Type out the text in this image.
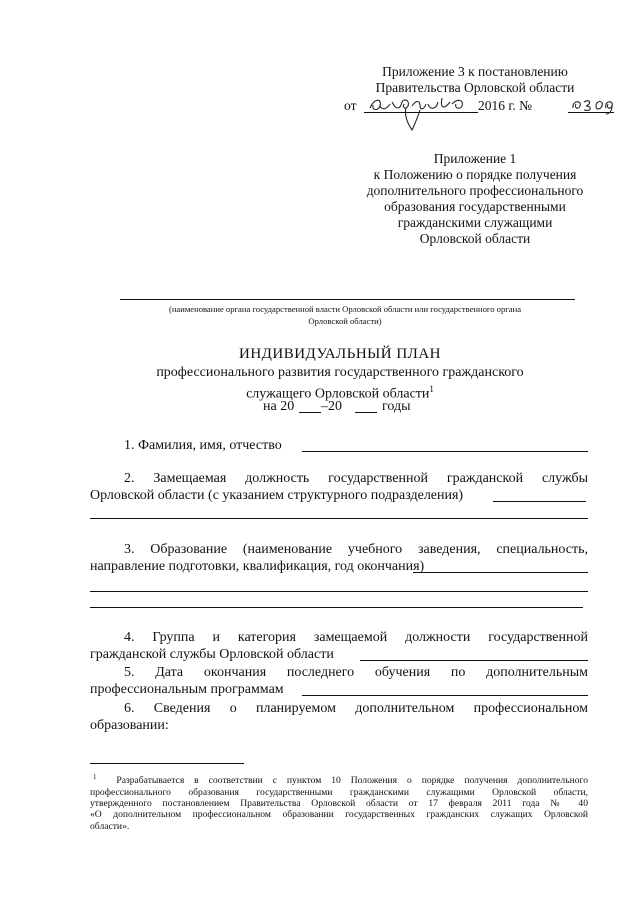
Приложение 3 к постановлению
Правительства Орловской области
от	2016 г. №
Приложение 1
к Положению о порядке получения
дополнительного профессионального
образования государственными
гражданскими служащими
Орловской области
(наименование органа государственной власти Орловской области или государственного органа
Орловской области)
ИНДИВИДУАЛЬНЫЙ ПЛАН
профессионального развития государственного гражданского
служащего Орловской области$^1$
на 20 –20	годы
1. Фамилия, имя, отчество
2. Замещаемая должность государственной гражданской службы
Орловской области (с указанием структурного подразделения)
3. Образование (наименование учебного заведения, специальность,
направление подготовки, квалификация, год окончания)
4. Группа и категория замещаемой должности государственной
гражданской службы Орловской области
5. Дата окончания последнего обучения по дополнительным
профессиональным программам
6. Сведения о планируемом дополнительном профессиональном
образовании:
$^1$ Разрабатывается в соответствии с пунктом 10 Положения о порядке получения дополнительного
профессионального образования государственными гражданскими служащими Орловской области,
утвержденного постановлением Правительства Орловской области от 17 февраля 2011 года № 40
«О дополнительном профессиональном образовании государственных гражданских служащих Орловской
области».
